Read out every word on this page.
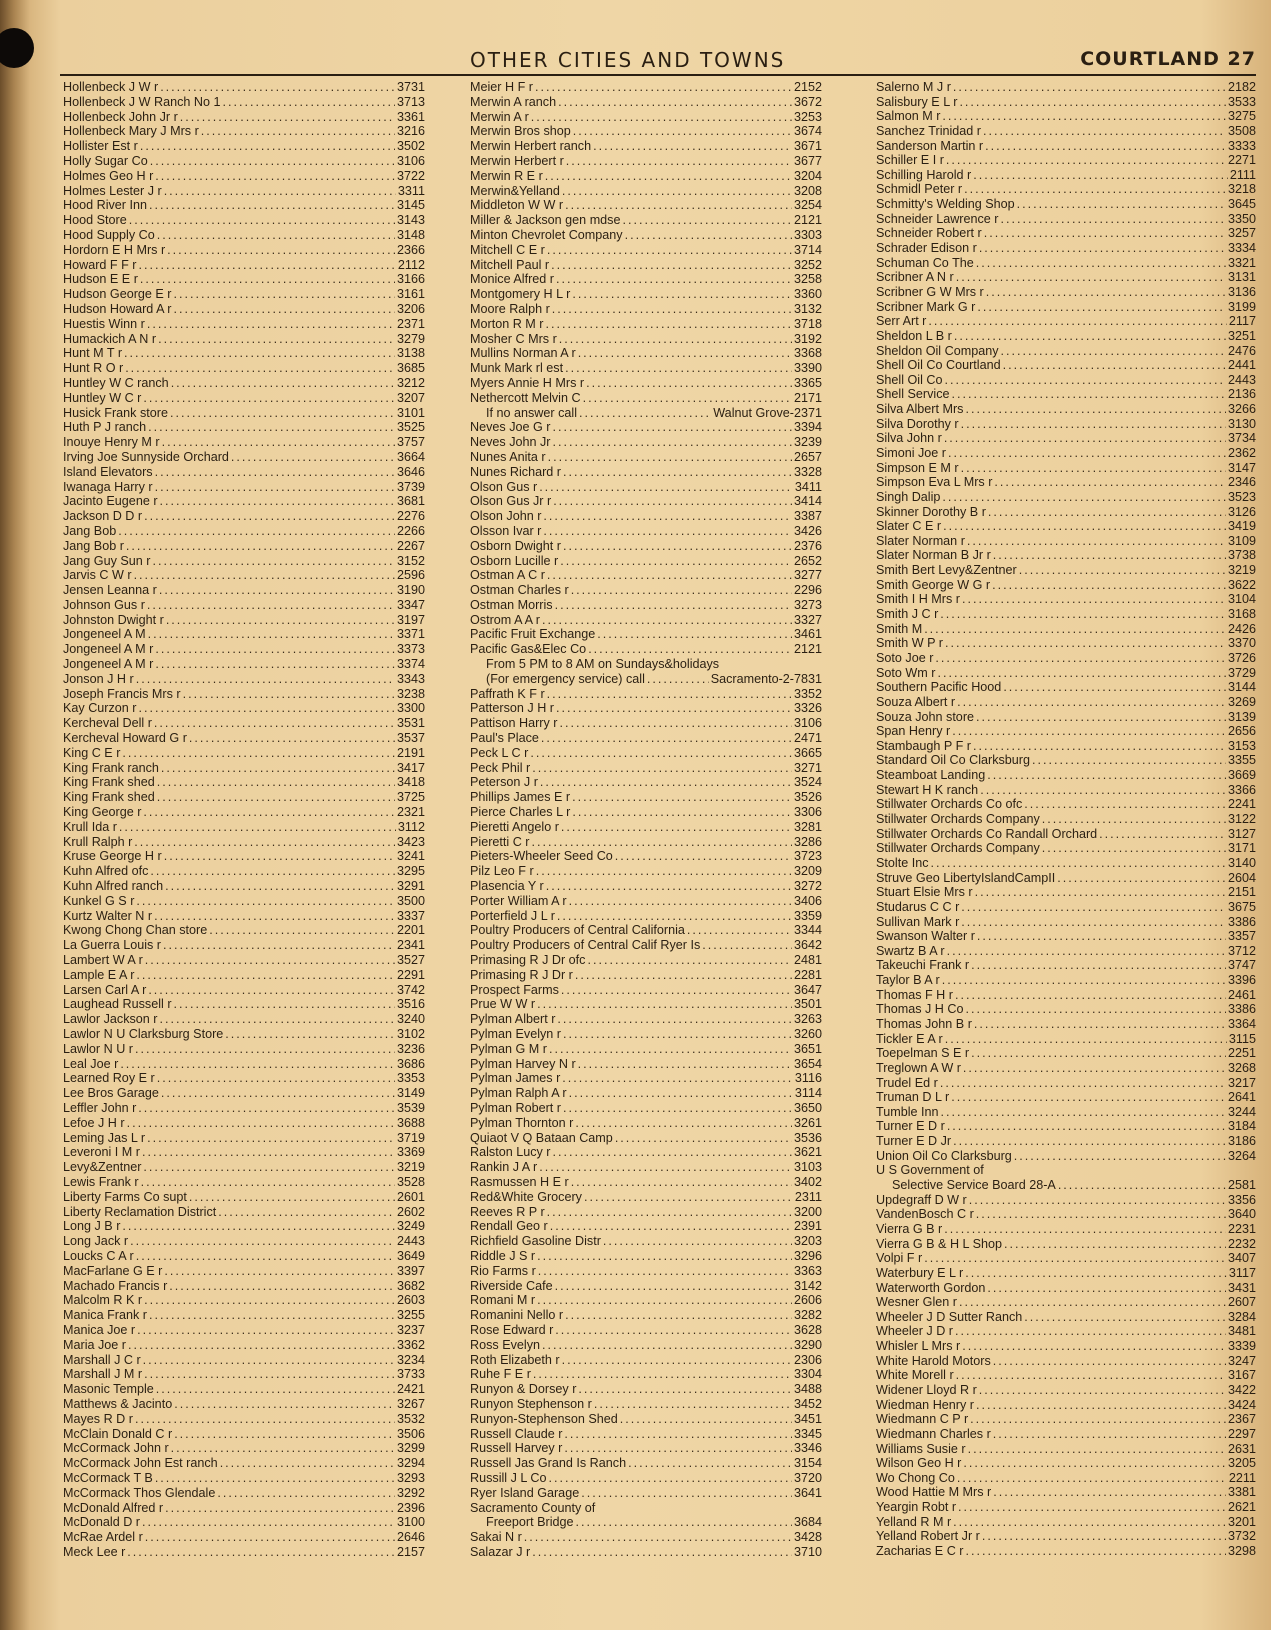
OTHER CITIES AND TOWNS	COURTLAND 27
Hollenbeck J W r .....	3731
Hollenbeck J W Ranch No 1 .....	3713
Hollenbeck John Jr r .....	3361
Hollenbeck Mary J Mrs r .....	3216
Hollister Est r .....	3502
Holly Sugar Co .....	3106
Holmes Geo H r .....	3722
Holmes Lester J r .....	3311
Hood River Inn .....	3145
Hood Store .....	3143
Hood Supply Co .....	3148
Hordorn E H Mrs r .....	2366
Howard F F r .....	2112
Hudson E E r .....	3166
Hudson George E r .....	3161
Hudson Howard A r .....	3206
Huestis Winn r .....	2371
Humackich A N r .....	3279
Hunt M T r .....	3138
Hunt R O r .....	3685
Huntley W C ranch .....	3212
Huntley W C r .....	3207
Husick Frank store .....	3101
Huth P J ranch .....	3525
Inouye Henry M r .....	3757
Irving Joe Sunnyside Orchard .....	3664
Island Elevators .....	3646
Iwanaga Harry r .....	3739
Jacinto Eugene r .....	3681
Jackson D D r .....	2276
Jang Bob .....	2266
Jang Bob r .....	2267
Jang Guy Sun r .....	3152
Jarvis C W r .....	2596
Jensen Leanna r .....	3190
Johnson Gus r .....	3347
Johnston Dwight r .....	3197
Jongeneel A M .....	3371
Jongeneel A M r .....	3373
Jongeneel A M r .....	3374
Jonson J H r .....	3343
Joseph Francis Mrs r .....	3238
Kay Curzon r .....	3300
Kercheval Dell r .....	3531
Kercheval Howard G r .....	3537
King C E r .....	2191
King Frank ranch .....	3417
King Frank shed .....	3418
King Frank shed .....	3725
King George r .....	2321
Krull Ida r .....	3112
Krull Ralph r .....	3423
Kruse George H r .....	3241
Kuhn Alfred ofc .....	3295
Kuhn Alfred ranch .....	3291
Kunkel G S r .....	3500
Kurtz Walter N r .....	3337
Kwong Chong Chan store .....	2201
La Guerra Louis r .....	2341
Lambert W A r .....	3527
Lample E A r .....	2291
Larsen Carl A r .....	3742
Laughead Russell r .....	3516
Lawlor Jackson r .....	3240
Lawlor N U Clarksburg Store .....	3102
Lawlor N U r .....	3236
Leal Joe r .....	3686
Learned Roy E r .....	3353
Lee Bros Garage .....	3149
Leffler John r .....	3539
Lefoe J H r .....	3688
Leming Jas L r .....	3719
Leveroni I M r .....	3369
Levy&Zentner .....	3219
Lewis Frank r .....	3528
Liberty Farms Co supt .....	2601
Liberty Reclamation District .....	2602
Long J B r .....	3249
Long Jack r .....	2443
Loucks C A r .....	3649
MacFarlane G E r .....	3397
Machado Francis r .....	3682
Malcolm R K r .....	2603
Manica Frank r .....	3255
Manica Joe r .....	3237
Maria Joe r .....	3362
Marshall J C r .....	3234
Marshall J M r .....	3733
Masonic Temple .....	2421
Matthews & Jacinto .....	3267
Mayes R D r .....	3532
McClain Donald C r .....	3506
McCormack John r .....	3299
McCormack John Est ranch .....	3294
McCormack T B .....	3293
McCormack Thos Glendale .....	3292
McDonald Alfred r .....	2396
McDonald D r .....	3100
McRae Ardel r .....	2646
Meck Lee r .....	2157
Meier H F r .....	2152
Merwin A ranch .....	3672
Merwin A r .....	3253
Merwin Bros shop .....	3674
Merwin Herbert ranch .....	3671
Merwin Herbert r .....	3677
Merwin R E r .....	3204
Merwin&Yelland .....	3208
Middleton W W r .....	3254
Miller & Jackson gen mdse .....	2121
Minton Chevrolet Company .....	3303
Mitchell C E r .....	3714
Mitchell Paul r .....	3252
Monice Alfred r .....	3258
Montgomery H L r .....	3360
Moore Ralph r .....	3132
Morton R M r .....	3718
Mosher C Mrs r .....	3192
Mullins Norman A r .....	3368
Munk Mark rl est .....	3390
Myers Annie H Mrs r .....	3365
Nethercott Melvin C .....	2171
If no answer call .....	Walnut Grove-2371
Neves Joe G r .....	3394
Neves John Jr .....	3239
Nunes Anita r .....	2657
Nunes Richard r .....	3328
Olson Gus r .....	3411
Olson Gus Jr r .....	3414
Olson John r .....	3387
Olsson Ivar r .....	3426
Osborn Dwight r .....	2376
Osborn Lucille r .....	2652
Ostman A C r .....	3277
Ostman Charles r .....	2296
Ostman Morris .....	3273
Ostrom A A r .....	3327
Pacific Fruit Exchange .....	3461
Pacific Gas&Elec Co .....	2121
From 5 PM to 8 AM on Sundays&holidays
(For emergency service) call .....	Sacramento-2-7831
Paffrath K F r .....	3352
Patterson J H r .....	3326
Pattison Harry r .....	3106
Paul's Place .....	2471
Peck L C r .....	3665
Peck Phil r .....	3271
Peterson J r .....	3524
Phillips James E r .....	3526
Pierce Charles L r .....	3306
Pieretti Angelo r .....	3281
Pieretti C r .....	3286
Pieters-Wheeler Seed Co .....	3723
Pilz Leo F r .....	3209
Plasencia Y r .....	3272
Porter William A r .....	3406
Porterfield J L r .....	3359
Poultry Producers of Central California .....	3344
Poultry Producers of Central Calif Ryer Is .....	3642
Primasing R J Dr ofc .....	2481
Primasing R J Dr r .....	2281
Prospect Farms .....	3647
Prue W W r .....	3501
Pylman Albert r .....	3263
Pylman Evelyn r .....	3260
Pylman G M r .....	3651
Pylman Harvey N r .....	3654
Pylman James r .....	3116
Pylman Ralph A r .....	3114
Pylman Robert r .....	3650
Pylman Thornton r .....	3261
Quiaot V Q Bataan Camp .....	3536
Ralston Lucy r .....	3621
Rankin J A r .....	3103
Rasmussen H E r .....	3402
Red&White Grocery .....	2311
Reeves R P r .....	3200
Rendall Geo r .....	2391
Richfield Gasoline Distr .....	3203
Riddle J S r .....	3296
Rio Farms r .....	3363
Riverside Cafe .....	3142
Romani M r .....	2606
Romanini Nello r .....	3282
Rose Edward r .....	3628
Ross Evelyn .....	3290
Roth Elizabeth r .....	2306
Ruhe F E r .....	3304
Runyon & Dorsey r .....	3488
Runyon Stephenson r .....	3452
Runyon-Stephenson Shed .....	3451
Russell Claude r .....	3345
Russell Harvey r .....	3346
Russell Jas Grand Is Ranch .....	3154
Russill J L Co .....	3720
Ryer Island Garage .....	3641
Sacramento County of
Freeport Bridge .....	3684
Sakai N r .....	3428
Salazar J r .....	3710
Salerno M J r .....	2182
Salisbury E L r .....	3533
Salmon M r .....	3275
Sanchez Trinidad r .....	3508
Sanderson Martin r .....	3333
Schiller E I r .....	2271
Schilling Harold r .....	2111
Schmidl Peter r .....	3218
Schmitty's Welding Shop .....	3645
Schneider Lawrence r .....	3350
Schneider Robert r .....	3257
Schrader Edison r .....	3334
Schuman Co The .....	3321
Scribner A N r .....	3131
Scribner G W Mrs r .....	3136
Scribner Mark G r .....	3199
Serr Art r .....	2117
Sheldon L B r .....	3251
Sheldon Oil Company .....	2476
Shell Oil Co Courtland .....	2441
Shell Oil Co .....	2443
Shell Service .....	2136
Silva Albert Mrs .....	3266
Silva Dorothy r .....	3130
Silva John r .....	3734
Simoni Joe r .....	2362
Simpson E M r .....	3147
Simpson Eva L Mrs r .....	2346
Singh Dalip .....	3523
Skinner Dorothy B r .....	3126
Slater C E r .....	3419
Slater Norman r .....	3109
Slater Norman B Jr r .....	3738
Smith Bert Levy&Zentner .....	3219
Smith George W G r .....	3622
Smith I H Mrs r .....	3104
Smith J C r .....	3168
Smith M .....	2426
Smith W P r .....	3370
Soto Joe r .....	3726
Soto Wm r .....	3729
Southern Pacific Hood .....	3144
Souza Albert r .....	3269
Souza John store .....	3139
Span Henry r .....	2656
Stambaugh P F r .....	3153
Standard Oil Co Clarksburg .....	3355
Steamboat Landing .....	3669
Stewart H K ranch .....	3366
Stillwater Orchards Co ofc .....	2241
Stillwater Orchards Company .....	3122
Stillwater Orchards Co Randall Orchard .....	3127
Stillwater Orchards Company .....	3171
Stolte Inc .....	3140
Struve Geo LibertyIslandCampII .....	2604
Stuart Elsie Mrs r .....	2151
Studarus C C r .....	3675
Sullivan Mark r .....	3386
Swanson Walter r .....	3357
Swartz B A r .....	3712
Takeuchi Frank r .....	3747
Taylor B A r .....	3396
Thomas F H r .....	2461
Thomas J H Co .....	3386
Thomas John B r .....	3364
Tickler E A r .....	3115
Toepelman S E r .....	2251
Treglown A W r .....	3268
Trudel Ed r .....	3217
Truman D L r .....	2641
Tumble Inn .....	3244
Turner E D r .....	3184
Turner E D Jr .....	3186
Union Oil Co Clarksburg .....	3264
U S Government of
Selective Service Board 28-A .....	2581
Updegraff D W r .....	3356
VandenBosch C r .....	3640
Vierra G B r .....	2231
Vierra G B & H L Shop .....	2232
Volpi F r .....	3407
Waterbury E L r .....	3117
Waterworth Gordon .....	3431
Wesner Glen r .....	2607
Wheeler J D Sutter Ranch .....	3284
Wheeler J D r .....	3481
Whisler L Mrs r .....	3339
White Harold Motors .....	3247
White Morell r .....	3167
Widener Lloyd R r .....	3422
Wiedman Henry r .....	3424
Wiedmann C P r .....	2367
Wiedmann Charles r .....	2297
Williams Susie r .....	2631
Wilson Geo H r .....	3205
Wo Chong Co .....	2211
Wood Hattie M Mrs r .....	3381
Yeargin Robt r .....	2621
Yelland R M r .....	3201
Yelland Robert Jr r .....	3732
Zacharias E C r .....	3298
